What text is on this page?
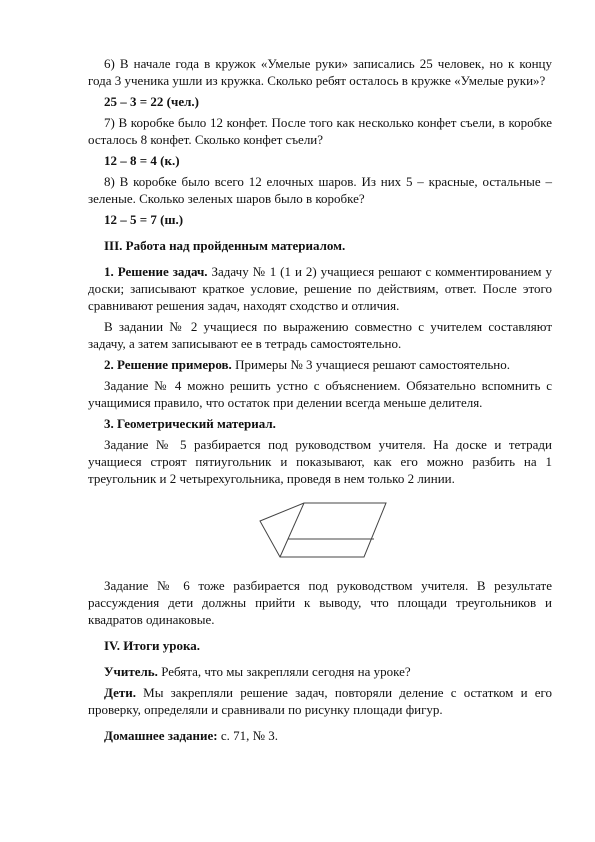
6) В начале года в кружок «Умелые руки» записались 25 человек, но к концу года 3 ученика ушли из кружка. Сколько ребят осталось в кружке «Умелые руки»?

25 – 3 = 22 (чел.)

7) В коробке было 12 конфет. После того как несколько конфет съели, в коробке осталось 8 конфет. Сколько конфет съели?

12 – 8 = 4 (к.)

8) В коробке было всего 12 елочных шаров. Из них 5 – красные, остальные – зеленые. Сколько зеленых шаров было в коробке?

12 – 5 = 7 (ш.)

III. Работа над пройденным материалом.

1. Решение задач. Задачу № 1 (1 и 2) учащиеся решают с комментированием у доски; записывают краткое условие, решение по действиям, ответ. После этого сравнивают решения задач, находят сходство и отличия.

В задании № 2 учащиеся по выражению совместно с учителем составляют задачу, а затем записывают ее в тетрадь самостоятельно.

2. Решение примеров. Примеры № 3 учащиеся решают самостоятельно.

Задание № 4 можно решить устно с объяснением. Обязательно вспомнить с учащимися правило, что остаток при делении всегда меньше делителя.

3. Геометрический материал.

Задание № 5 разбирается под руководством учителя. На доске и тетради учащиеся строят пятиугольник и показывают, как его можно разбить на 1 треугольник и 2 четырехугольника, проведя в нем только 2 линии.

Задание № 6 тоже разбирается под руководством учителя. В результате рассуждения дети должны прийти к выводу, что площади треугольников и квадратов одинаковые.

IV. Итоги урока.

Учитель. Ребята, что мы закрепляли сегодня на уроке?

Дети. Мы закрепляли решение задач, повторяли деление с остатком и его проверку, определяли и сравнивали по рисунку площади фигур.

Домашнее задание: с. 71, № 3.
